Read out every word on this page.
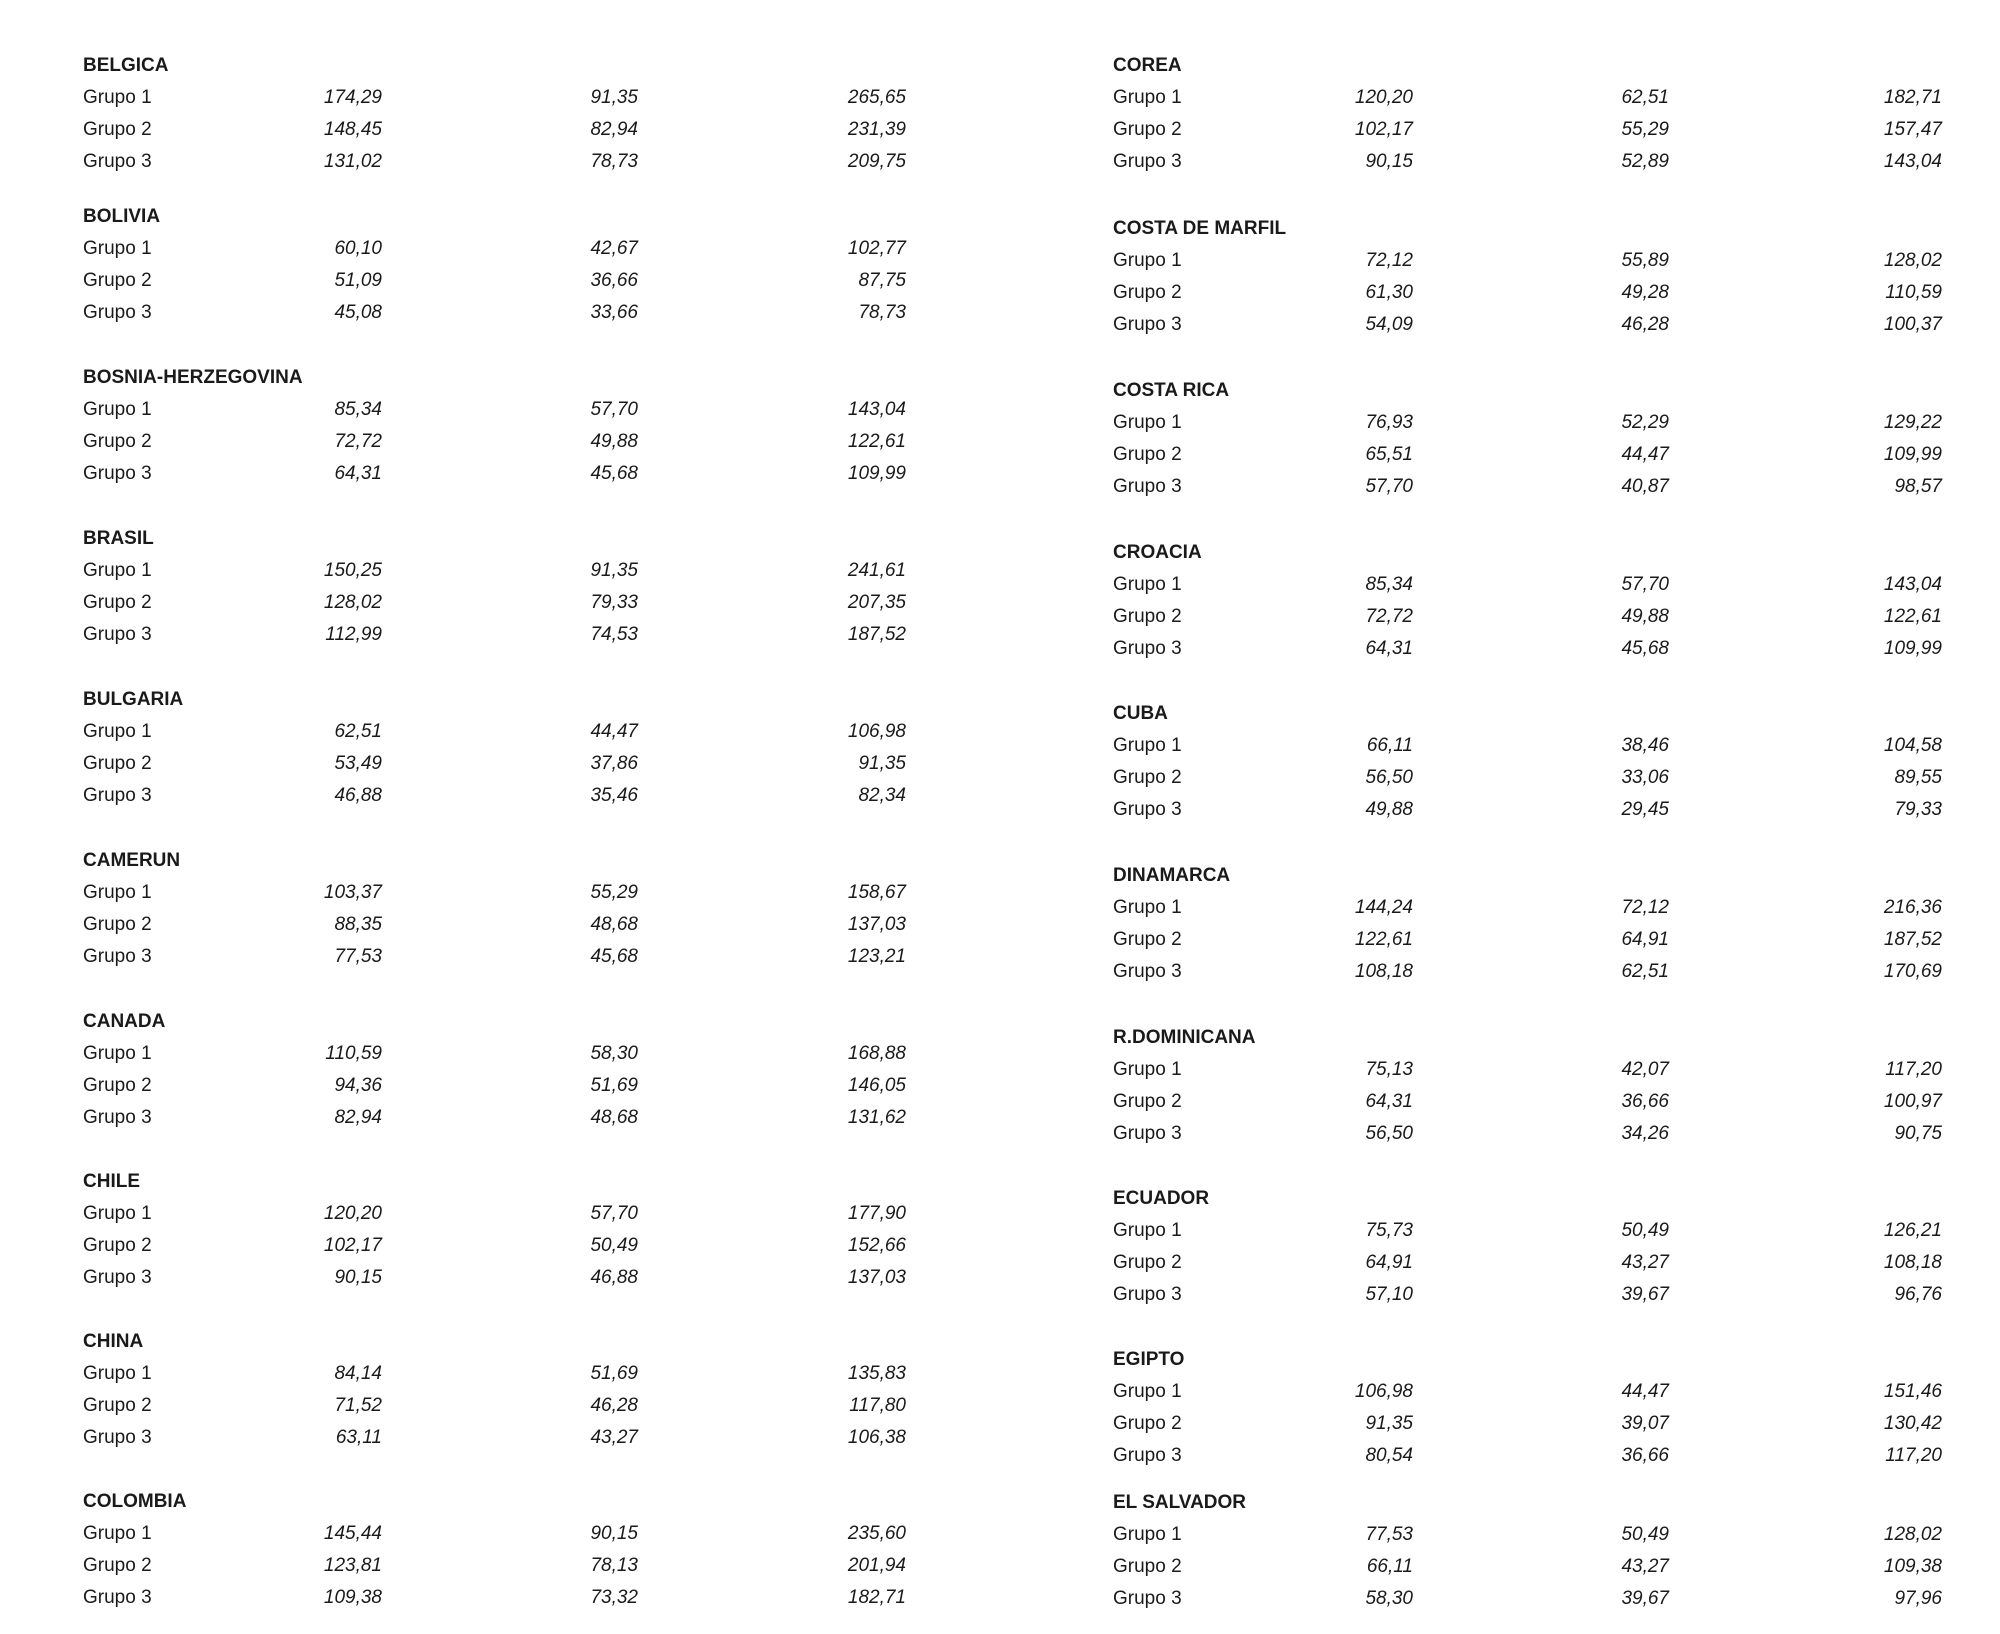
BELGICA
Grupo 1	174,29	91,35	265,65
Grupo 2	148,45	82,94	231,39
Grupo 3	131,02	78,73	209,75
BOLIVIA
Grupo 1	60,10	42,67	102,77
Grupo 2	51,09	36,66	87,75
Grupo 3	45,08	33,66	78,73
BOSNIA-HERZEGOVINA
Grupo 1	85,34	57,70	143,04
Grupo 2	72,72	49,88	122,61
Grupo 3	64,31	45,68	109,99
BRASIL
Grupo 1	150,25	91,35	241,61
Grupo 2	128,02	79,33	207,35
Grupo 3	112,99	74,53	187,52
BULGARIA
Grupo 1	62,51	44,47	106,98
Grupo 2	53,49	37,86	91,35
Grupo 3	46,88	35,46	82,34
CAMERUN
Grupo 1	103,37	55,29	158,67
Grupo 2	88,35	48,68	137,03
Grupo 3	77,53	45,68	123,21
CANADA
Grupo 1	110,59	58,30	168,88
Grupo 2	94,36	51,69	146,05
Grupo 3	82,94	48,68	131,62
CHILE
Grupo 1	120,20	57,70	177,90
Grupo 2	102,17	50,49	152,66
Grupo 3	90,15	46,88	137,03
CHINA
Grupo 1	84,14	51,69	135,83
Grupo 2	71,52	46,28	117,80
Grupo 3	63,11	43,27	106,38
COLOMBIA
Grupo 1	145,44	90,15	235,60
Grupo 2	123,81	78,13	201,94
Grupo 3	109,38	73,32	182,71
COREA
Grupo 1	120,20	62,51	182,71
Grupo 2	102,17	55,29	157,47
Grupo 3	90,15	52,89	143,04
COSTA DE MARFIL
Grupo 1	72,12	55,89	128,02
Grupo 2	61,30	49,28	110,59
Grupo 3	54,09	46,28	100,37
COSTA RICA
Grupo 1	76,93	52,29	129,22
Grupo 2	65,51	44,47	109,99
Grupo 3	57,70	40,87	98,57
CROACIA
Grupo 1	85,34	57,70	143,04
Grupo 2	72,72	49,88	122,61
Grupo 3	64,31	45,68	109,99
CUBA
Grupo 1	66,11	38,46	104,58
Grupo 2	56,50	33,06	89,55
Grupo 3	49,88	29,45	79,33
DINAMARCA
Grupo 1	144,24	72,12	216,36
Grupo 2	122,61	64,91	187,52
Grupo 3	108,18	62,51	170,69
R.DOMINICANA
Grupo 1	75,13	42,07	117,20
Grupo 2	64,31	36,66	100,97
Grupo 3	56,50	34,26	90,75
ECUADOR
Grupo 1	75,73	50,49	126,21
Grupo 2	64,91	43,27	108,18
Grupo 3	57,10	39,67	96,76
EGIPTO
Grupo 1	106,98	44,47	151,46
Grupo 2	91,35	39,07	130,42
Grupo 3	80,54	36,66	117,20
EL SALVADOR
Grupo 1	77,53	50,49	128,02
Grupo 2	66,11	43,27	109,38
Grupo 3	58,30	39,67	97,96
